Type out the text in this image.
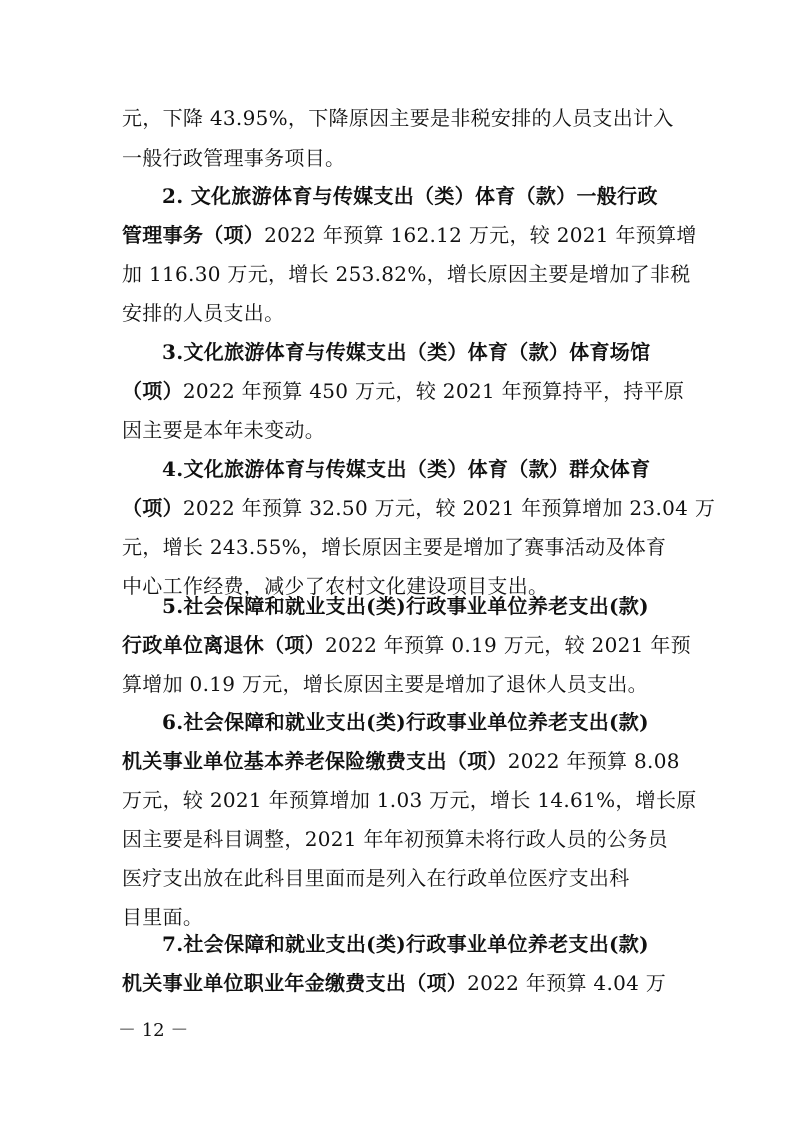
元，下降 43.95%，下降原因主要是非税安排的人员支出计入
一般行政管理事务项目。
2. 文化旅游体育与传媒支出（类）体育（款）一般行政
管理事务（项）2022 年预算 162.12 万元，较 2021 年预算增
加 116.30 万元，增长 253.82%，增长原因主要是增加了非税
安排的人员支出。
3.文化旅游体育与传媒支出（类）体育（款）体育场馆
（项）2022 年预算 450 万元，较 2021 年预算持平，持平原
因主要是本年未变动。
4.文化旅游体育与传媒支出（类）体育（款）群众体育
（项）2022 年预算 32.50 万元，较 2021 年预算增加 23.04 万
元，增长 243.55%，增长原因主要是增加了赛事活动及体育
中心工作经费，减少了农村文化建设项目支出。
5.社会保障和就业支出(类)行政事业单位养老支出(款)
行政单位离退休（项）2022 年预算 0.19 万元，较 2021 年预
算增加 0.19 万元，增长原因主要是增加了退休人员支出。
6.社会保障和就业支出(类)行政事业单位养老支出(款)
机关事业单位基本养老保险缴费支出（项）2022 年预算 8.08
万元，较 2021 年预算增加 1.03 万元，增长 14.61%，增长原
因主要是科目调整，2021 年年初预算未将行政人员的公务员
医疗支出放在此科目里面而是列入在行政单位医疗支出科
目里面。
7.社会保障和就业支出(类)行政事业单位养老支出(款)
机关事业单位职业年金缴费支出（项）2022 年预算 4.04 万
－ 12 －
